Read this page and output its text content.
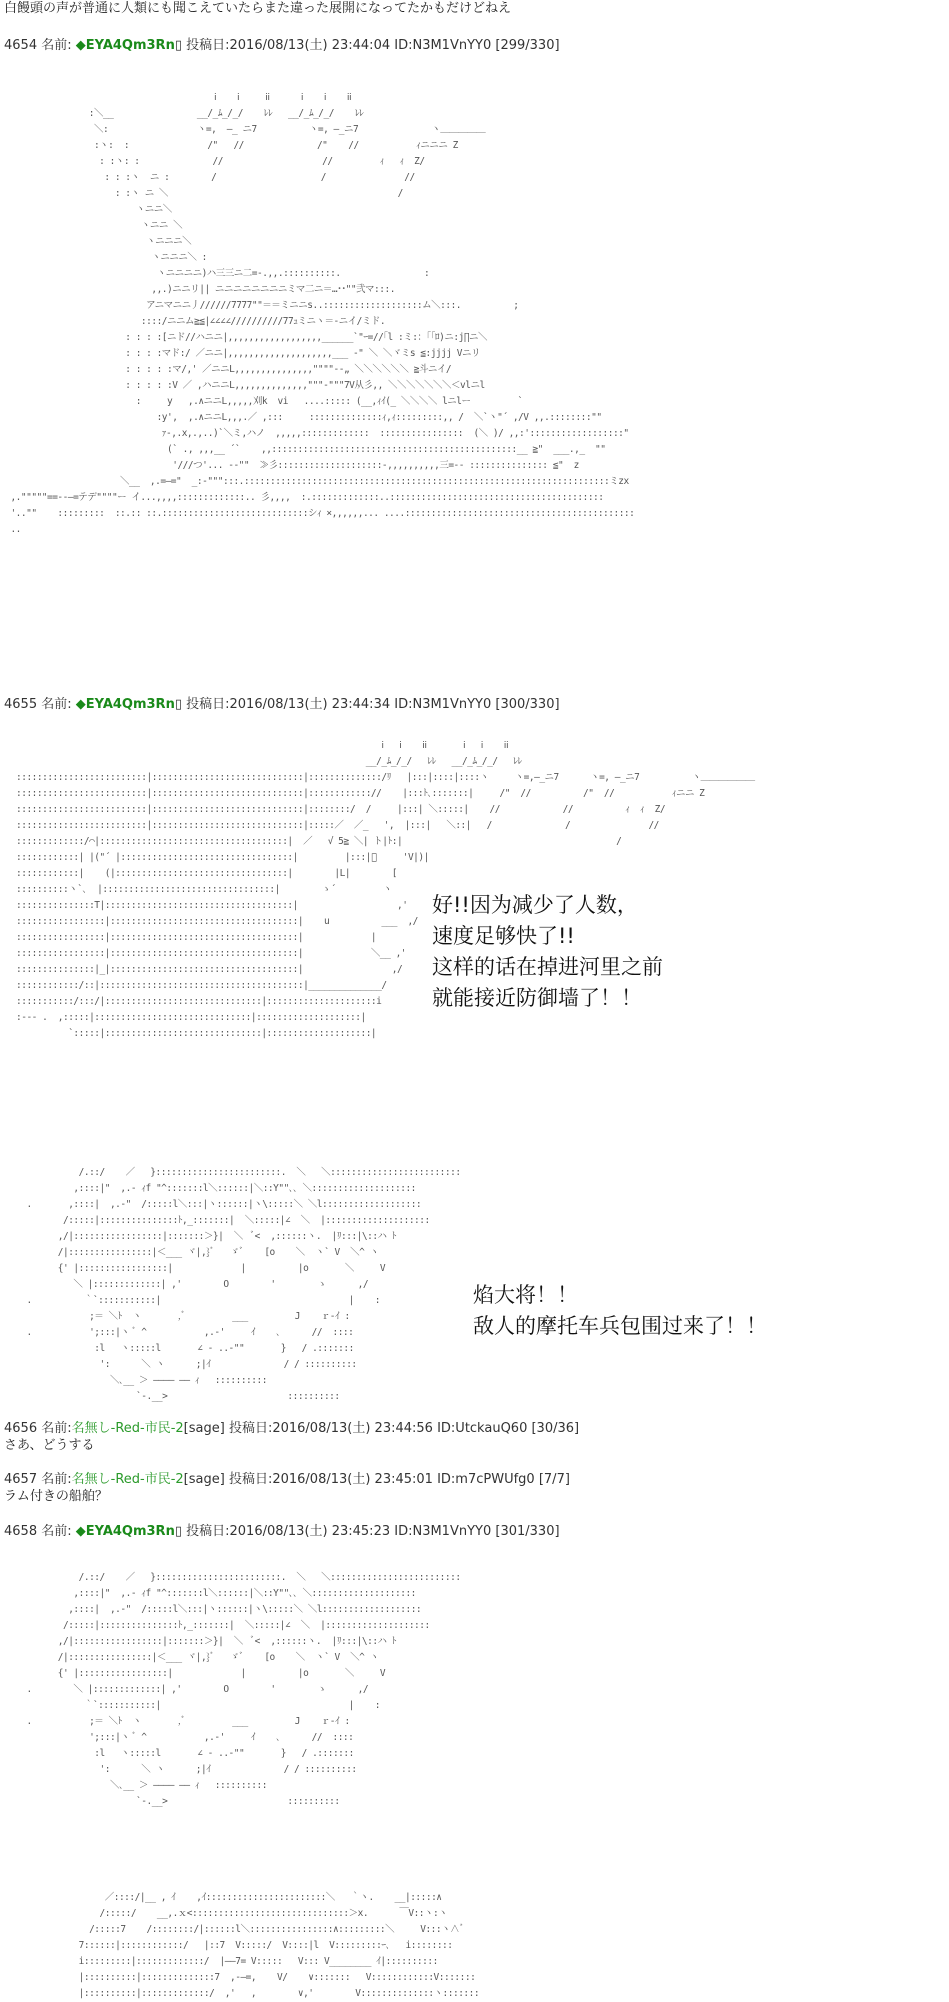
白饅頭の声が普通に人類にも聞こえていたらまた違った展開になってたかもだけどねえ
4654 名前: ◆EYA4Qm3Rn▯ 投稿日:2016/08/13(土) 23:44:04 ID:N3M1VnYY0 [299/330]
ⅰ    ⅰ     ⅰⅰ      ⅰ    ⅰ    ⅰⅰ
:＼__                __/_ﾑ_/_/    ﾚﾚ   __/_ﾑ_/_/    ﾚﾚ
＼:                 ヽ=,  ―_ ニ7          ヽ=, ―_ニ7              ヽ＿＿＿＿＿
:ヽ:  :               /"   //              /"    //           ｨニニニ Z
: :ヽ: :              //                   //         ｨ   ｨ  Z/
: : :ヽ  ニ :        /                    /               //
: :ヽ ニ ＼                                            /
ヽニニ＼
ヽニニ ＼
ヽニニニ＼
ヽニニニ＼ :
ヽニニニニ)ハ三三ニ二=-.,,.::::::::::.                :
,,.)ニニリ|| ニニニニニニニニミマ二ニ＝…･･""弐マ:::.
アニマニニ丿//////7777""＝＝ミニニs..:::::::::::::::::::ム＼:::.          ;
::::/ニニム≧≦|∠∠∠∠//////////77ｭミニヽ＝-ニイ/ミド.
: : : :[ニド//ハニニ|,,,,,,,,,,,,,,,,,,______`"ｰ=//｢l :ミ:：｢｢ﾛ)ニ:j∏ニ＼
: : : :マド:/ ／ニニ|,,,,,,,,,,,,,,,,,,,,___ -" ＼ ＼ヾミs ≦:jjjj Vニリ
: : : : :マ/,' ／ニニL,,,,,,,,,,,,,,,""""--„ ＼＼＼＼＼＼ ≧斗ニイ/
: : : : :V ／ ,ハニニL,,,,,,,,,,,,,,"""-"""7V从彡,, ＼＼＼＼＼＼＼＜vlニl
:     y   ,.∧ニニL,,,,,刈k  vi   ....::::: (__,ｨｲ(_ ＼＼＼＼ lニlー         `
:y',  ,.∧ニニL,,,.／ ,:::     ::::::::::::::ｨ,ｨ:::::::::,, /  ＼`ヽ"´ ,/V ,,.::::::::""
ｧ-,.x,.,..)`＼ミ,ハノ  ,,,,,:::::::::::::  ::::::::::::::::  (＼ )/ ,,:'::::::::::::::::::"
(` ., ,,,__ ´`    ,,:::::::::::::::::::::::::::::::::::::::::::::::__ ≧"  ___.,_  ""
'///つ'... --""  ≫彡::::::::::::::::::::-,,,,,,,,,,三=-- ::::::::::::::: ≦"  z
＼__  ,.=―="  _:-""":::.::::::::::::::::::::::::::::::::::::::::::::::::::::::::::::::::::::::ミzx
,."""""==--―=テデ""""ー イ...,,,,:::::::::::::.. 彡,,,,  :.:::::::::::::..:::::::::::::::::::::::::::::::::::::::::
'..""    :::::::::  ::.:: ::.::::::::::::::::::::::::::::シｨ ×,,,,,,... ....::::::::::::::::::::::::::::::::::::::::::::
..
4655 名前: ◆EYA4Qm3Rn▯ 投稿日:2016/08/13(土) 23:44:34 ID:N3M1VnYY0 [300/330]
ⅰ   ⅰ    ⅰⅰ       ⅰ   ⅰ    ⅰⅰ
__/_ﾑ_/_/   ﾚﾚ   __/_ﾑ_/_/   ﾚﾚ
:::::::::::::::::::::::::|:::::::::::::::::::::::::::::|::::::::::::::/ﾘ   |:::|::::|::::ヽ     ヽ=,―_ニ7      ヽ=, ―_ニ7          ヽ＿＿＿＿＿＿
:::::::::::::::::::::::::|:::::::::::::::::::::::::::::|:::::::::::://    |:::ﾄ､:::::::|     /"  //          /"  //           ｨニニ Z
:::::::::::::::::::::::::|:::::::::::::::::::::::::::::|::::::::/  /     |:::| ＼:::::|    //            //          ｨ  ｨ  Z/
:::::::::::::::::::::::::|:::::::::::::::::::::::::::::|:::::／  ／_   ',  |:::|   ＼::|   /              /               //
:::::::::::::/⌒|::::::::::::::::::::::::::::::::::::|  ／   √ 5≧ ＼| ト|ﾄ:|                                         /
::::::::::::| |("´ |:::::::::::::::::::::::::::::::::|         |:::|ﾞ     'V|)|
::::::::::::|    (|:::::::::::::::::::::::::::::::::|        |L|        [
::::::::::ヽ`､  |:::::::::::::::::::::::::::::::::|        ゝ´         ヽ
:::::::::::::::T|::::::::::::::::::::::::::::::::::::|                   ,'
:::::::::::::::::|::::::::::::::::::::::::::::::::::::|    u          ___  ,/
:::::::::::::::::|::::::::::::::::::::::::::::::::::::|             |
:::::::::::::::::|::::::::::::::::::::::::::::::::::::|             ＼__ ,'
:::::::::::::::|_|::::::::::::::::::::::::::::::::::::|                 ,/
::::::::::::/::|:::::::::::::::::::::::::::::::::::::::|______________/
:::::::::::/:::/|::::::::::::::::::::::::::::::|:::::::::::::::::::::i
:--- .  ,:::::|::::::::::::::::::::::::::::::|::::::::::::::::::::|
`:::::|::::::::::::::::::::::::::::::|::::::::::::::::::::|
好!!因为减少了人数，
速度足够快了!!
这样的话在掉进河里之前
就能接近防御墙了！！
/.::/    ／   }::::::::::::::::::::::::.  ＼   ＼:::::::::::::::::::::::::
,::::|"  ,.- ｨf "^:::::::l＼::::::|＼::Y""､､ ＼::::::::::::::::::::
.       ,::::|  ,.-"  /:::::l＼:::|ヽ::::::|ヽ\:::::＼ ＼l:::::::::::::::::::
/:::::|:::::::::::::::ﾄ,_:::::::|  ＼:::::|∠  ＼  |::::::::::::::::::::
,/|:::::::::::::::::|:::::::＞}|  ＼  ﾞ<  ,::::::ヽ.  |ﾘ:::|\::ハ ﾄ
/|::::::::::::::::|＜___ ヾ|,}ﾞ   ゞﾞ    [o    ＼  ヽ` V  ＼^ ヽ
{' |:::::::::::::::::|             |          |o       ＼     V
＼ |:::::::::::::| ,'        O        '        ゝ      ,/
.          ｀`:::::::::::|                                    |    :
;＝ ＼ﾄ  ヽ       ,ﾞ         ___         J    ｒ-ｲ :
.           ';:::|ヽ ﾞ ^           ,.-'     ｲ    ､      //  ::::
:l   ヽ:::::l       ∠ - ..-""       }   / .:::::::
':      ＼ ヽ      ;|ｲ              / / ::::::::::
＼､__ ＞ ―――― ―― ｨ   ::::::::::
`-.__>                       ::::::::::
焰大将！！
敌人的摩托车兵包围过来了！！
4656 名前:名無し-Red-市民-2[sage] 投稿日:2016/08/13(土) 23:44:56 ID:UtckauQ60 [30/36]
さあ、どうする
4657 名前:名無し-Red-市民-2[sage] 投稿日:2016/08/13(土) 23:45:01 ID:m7cPWUfg0 [7/7]
ラム付きの船舶？
4658 名前: ◆EYA4Qm3Rn▯ 投稿日:2016/08/13(土) 23:45:23 ID:N3M1VnYY0 [301/330]
/.::/    ／   }::::::::::::::::::::::::.  ＼   ＼:::::::::::::::::::::::::
,::::|"  ,.- ｨf "^:::::::l＼::::::|＼::Y""､､ ＼::::::::::::::::::::
,::::|  ,.-"  /:::::l＼:::|ヽ::::::|ヽ\:::::＼ ＼l:::::::::::::::::::
/:::::|:::::::::::::::ﾄ,_:::::::|  ＼:::::|∠  ＼  |::::::::::::::::::::
,/|:::::::::::::::::|:::::::＞}|  ＼  ﾞ<  ,::::::ヽ.  |ﾘ:::|\::ハ ﾄ
/|::::::::::::::::|＜___ ヾ|,}ﾞ   ゞﾞ    [o    ＼  ヽ` V  ＼^ ヽ
{' |:::::::::::::::::|             |          |o       ＼     V
.        ＼ |:::::::::::::| ,'        O        '        ゝ      ,/
｀`:::::::::::|                                    |    :
.           ;＝ ＼ﾄ  ヽ       ,ﾞ         ___         J    ｒ-ｲ :
';:::|ヽ ﾞ ^           ,.-'     ｲ    ､      //  ::::
:l   ヽ:::::l       ∠ - ..-""       }   / .:::::::
':      ＼ ヽ      ;|ｲ              / / ::::::::::
＼､__ ＞ ―――― ―― ｨ   ::::::::::
`-.__>                       ::::::::::
／::::/|__ , ｲ    ,ｲ:::::::::::::::::::::::＼   ｀ヽ.    __|:::::∧
/:::::/    __,.ｘ<::::::::::::::::::::::::::::::＞x.      ￣V::ヽ:ヽ
/:::::7    /::::::::/|::::::l＼::::::::::::::::∧:::::::::＼     V:::ヽ∧ﾞ
7::::::|::::::::::::/   |::7  V:::::/  V::::|l  V:::::::::ｰ､   i::::::::
i:::::::::|:::::::::::::/  |――7= V:::::   V::: V________ ｲ|::::::::::
|::::::::::|::::::::::::::7  ,-―=,    V/    ∨:::::::   V::::::::::::V:::::::
|::::::::::|:::::::::::::/  ,'   ,        ∨,'        V::::::::::::::ヽ:::::::
